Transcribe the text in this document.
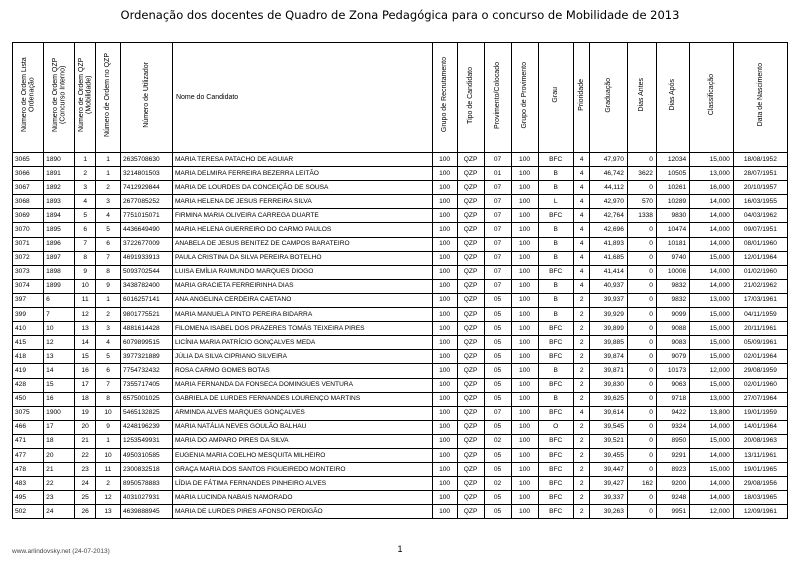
Ordenação dos docentes de Quadro de Zona Pedagógica para o concurso de Mobilidade de 2013
Número de Ordem Lista Ordenação	Número de Ordem QZP (Concurso Interno)	Número de Ordem QZP (Mobilidade)	Número de Ordem no QZP	Número de Utilizador	Nome do Candidato	Grupo de Recrutamento	Tipo de Candidato	Provimento/Colocado	Grupo de Provimento	Grau	Prioridade	Graduação	Dias Antes	Dias Após	Classificação	Data de Nascimento
3065	1890	1	1	2635708630	MARIA TERESA PATACHO DE AGUIAR	100	QZP	07	100	BFC	4	47,970	0	12034	15,000	18/08/1952
3066	1891	2	1	3214801503	MARIA DELMIRA FERREIRA BEZERRA LEITÃO	100	QZP	01	100	B	4	46,742	3622	10505	13,000	28/07/1951
3067	1892	3	2	7412929844	MARIA DE LOURDES DA CONCEIÇÃO DE SOUSA	100	QZP	07	100	B	4	44,112	0	10261	16,000	20/10/1957
3068	1893	4	3	2677085252	MARIA HELENA DE JESUS FERREIRA SILVA	100	QZP	07	100	L	4	42,970	570	10289	14,000	16/03/1955
3069	1894	5	4	7751015071	FIRMINA MARIA OLIVEIRA CARREGA DUARTE	100	QZP	07	100	BFC	4	42,764	1338	9830	14,000	04/03/1962
3070	1895	6	5	4436649490	MARIA HELENA GUERREIRO DO CARMO PAULOS	100	QZP	07	100	B	4	42,696	0	10474	14,000	09/07/1951
3071	1896	7	6	3722677009	ANABELA DE JESUS BENITEZ DE CAMPOS BARATEIRO	100	QZP	07	100	B	4	41,893	0	10181	14,000	08/01/1960
3072	1897	8	7	4691933913	PAULA CRISTINA DA SILVA PEREIRA BOTELHO	100	QZP	07	100	B	4	41,685	0	9740	15,000	12/01/1964
3073	1898	9	8	5093702544	LUISA EMÍLIA RAIMUNDO MARQUES DIOGO	100	QZP	07	100	BFC	4	41,414	0	10006	14,000	01/02/1960
3074	1899	10	9	3438782400	MARIA GRACIETA FERREIRINHA DIAS	100	QZP	07	100	B	4	40,937	0	9832	14,000	21/02/1962
397	6	11	1	6016257141	ANA ANGELINA CERDEIRA CAETANO	100	QZP	05	100	B	2	39,937	0	9832	13,000	17/03/1961
399	7	12	2	9801775521	MARIA MANUELA PINTO PEREIRA BIDARRA	100	QZP	05	100	B	2	39,929	0	9099	15,000	04/11/1959
410	10	13	3	4881614428	FILOMENA ISABEL DOS PRAZERES TOMÁS TEIXEIRA PIRES	100	QZP	05	100	BFC	2	39,899	0	9088	15,000	20/11/1961
415	12	14	4	6079899515	LICÍNIA MARIA PATRÍCIO GONÇALVES MEDA	100	QZP	05	100	BFC	2	39,885	0	9083	15,000	05/09/1961
418	13	15	5	3977321889	JÚLIA DA SILVA CIPRIANO SILVEIRA	100	QZP	05	100	BFC	2	39,874	0	9079	15,000	02/01/1964
419	14	16	6	7754732432	ROSA CARMO GOMES BOTAS	100	QZP	05	100	B	2	39,871	0	10173	12,000	29/08/1959
428	15	17	7	7355717405	MARIA FERNANDA DA FONSECA DOMINGUES VENTURA	100	QZP	05	100	BFC	2	39,830	0	9063	15,000	02/01/1960
450	16	18	8	6575001025	GABRIELA DE LURDES FERNANDES LOURENÇO MARTINS	100	QZP	05	100	B	2	39,625	0	9718	13,000	27/07/1964
3075	1900	19	10	5465132825	ARMINDA ALVES MARQUES GONÇALVES	100	QZP	07	100	BFC	4	39,614	0	9422	13,800	19/01/1959
466	17	20	9	4248196239	MARIA NATÁLIA NEVES GOULÃO BALHAU	100	QZP	05	100	O	2	39,545	0	9324	14,000	14/01/1964
471	18	21	1	1253549931	MARIA DO AMPARO PIRES DA SILVA	100	QZP	02	100	BFC	2	39,521	0	8950	15,000	20/08/1963
477	20	22	10	4950310585	EUGENIA MARIA COELHO MESQUITA MILHEIRO	100	QZP	05	100	BFC	2	39,455	0	9291	14,000	13/11/1961
478	21	23	11	2300832518	GRAÇA MARIA DOS SANTOS FIGUEIREDO MONTEIRO	100	QZP	05	100	BFC	2	39,447	0	8923	15,000	19/01/1965
483	22	24	2	8950578883	LÍDIA DE FÁTIMA FERNANDES PINHEIRO ALVES	100	QZP	02	100	BFC	2	39,427	162	9200	14,000	29/08/1956
495	23	25	12	4031027931	MARIA LUCINDA NABAIS NAMORADO	100	QZP	05	100	BFC	2	39,337	0	9248	14,000	18/03/1965
502	24	26	13	4639888945	MARIA DE LURDES PIRES AFONSO PERDIGÃO	100	QZP	05	100	BFC	2	39,263	0	9951	12,000	12/09/1961
www.arlindovsky.net (24-07-2013)	1
